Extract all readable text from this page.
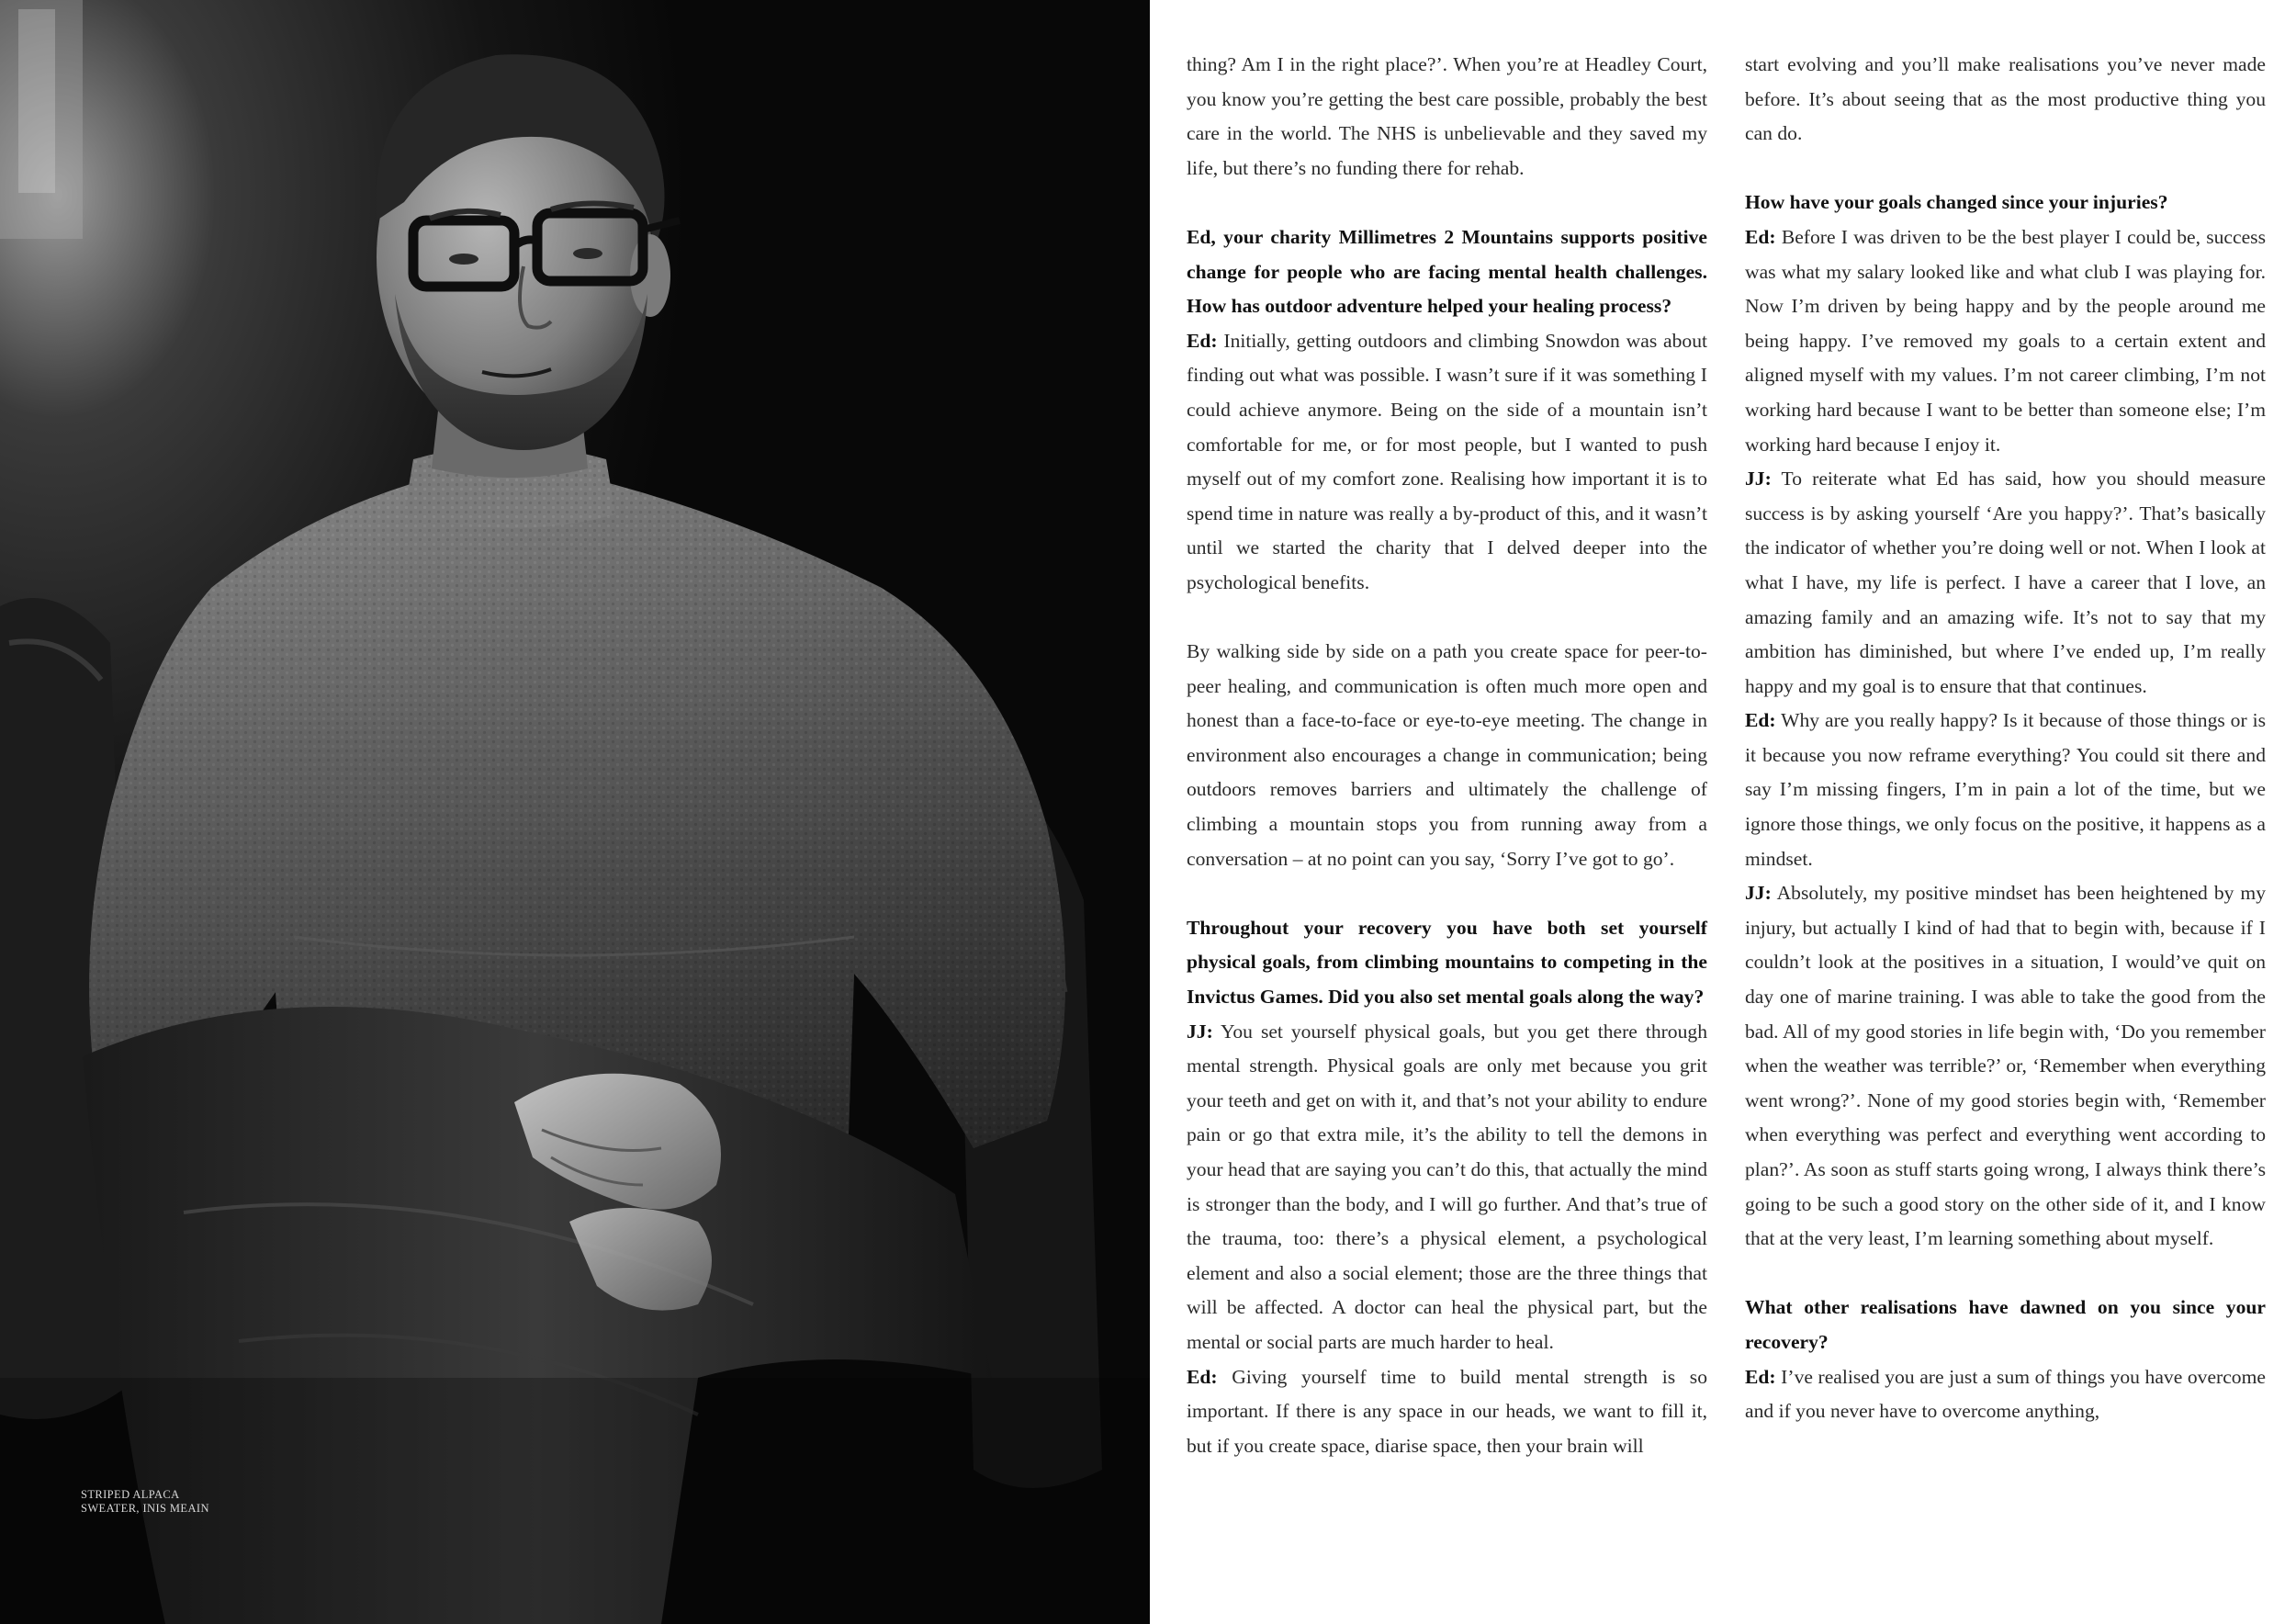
STRIPED ALPACA
SWEATER, INIS MEAIN

thing? Am I in the right place?’. When you’re at Headley Court, you know you’re getting the best care possible, probably the best care in the world. The NHS is unbelievable and they saved my life, but there’s no funding there for rehab.

Ed, your charity Millimetres 2 Mountains supports positive change for people who are facing mental health challenges. How has outdoor adventure helped your healing process?

Ed: Initially, getting outdoors and climbing Snowdon was about finding out what was possible. I wasn’t sure if it was something I could achieve anymore. Being on the side of a mountain isn’t comfortable for me, or for most people, but I wanted to push myself out of my comfort zone. Realising how important it is to spend time in nature was really a by-product of this, and it wasn’t until we started the charity that I delved deeper into the psychological benefits.

By walking side by side on a path you create space for peer-to-peer healing, and communication is often much more open and honest than a face-to-face or eye-to-eye meeting. The change in environment also encourages a change in communication; being outdoors removes barriers and ultimately the challenge of climbing a mountain stops you from running away from a conversation – at no point can you say, ‘Sorry I’ve got to go’.

Throughout your recovery you have both set yourself physical goals, from climbing mountains to competing in the Invictus Games. Did you also set mental goals along the way?

JJ: You set yourself physical goals, but you get there through mental strength. Physical goals are only met because you grit your teeth and get on with it, and that’s not your ability to endure pain or go that extra mile, it’s the ability to tell the demons in your head that are saying you can’t do this, that actually the mind is stronger than the body, and I will go further. And that’s true of the trauma, too: there’s a physical element, a psychological element and also a social element; those are the three things that will be affected. A doctor can heal the physical part, but the mental or social parts are much harder to heal.

Ed: Giving yourself time to build mental strength is so important. If there is any space in our heads, we want to fill it, but if you create space, diarise space, then your brain will

start evolving and you’ll make realisations you’ve never made before. It’s about seeing that as the most productive thing you can do.

How have your goals changed since your injuries?

Ed: Before I was driven to be the best player I could be, success was what my salary looked like and what club I was playing for. Now I’m driven by being happy and by the people around me being happy. I’ve removed my goals to a certain extent and aligned myself with my values. I’m not career climbing, I’m not working hard because I want to be better than someone else; I’m working hard because I enjoy it.

JJ: To reiterate what Ed has said, how you should measure success is by asking yourself ‘Are you happy?’. That’s basically the indicator of whether you’re doing well or not. When I look at what I have, my life is perfect. I have a career that I love, an amazing family and an amazing wife. It’s not to say that my ambition has diminished, but where I’ve ended up, I’m really happy and my goal is to ensure that that continues.

Ed: Why are you really happy? Is it because of those things or is it because you now reframe everything? You could sit there and say I’m missing fingers, I’m in pain a lot of the time, but we ignore those things, we only focus on the positive, it happens as a mindset.

JJ: Absolutely, my positive mindset has been heightened by my injury, but actually I kind of had that to begin with, because if I couldn’t look at the positives in a situation, I would’ve quit on day one of marine training. I was able to take the good from the bad. All of my good stories in life begin with, ‘Do you remember when the weather was terrible?’ or, ‘Remember when everything went wrong?’. None of my good stories begin with, ‘Remember when everything was perfect and everything went according to plan?’. As soon as stuff starts going wrong, I always think there’s going to be such a good story on the other side of it, and I know that at the very least, I’m learning something about myself.

What other realisations have dawned on you since your recovery?

Ed: I’ve realised you are just a sum of things you have overcome and if you never have to overcome anything,
